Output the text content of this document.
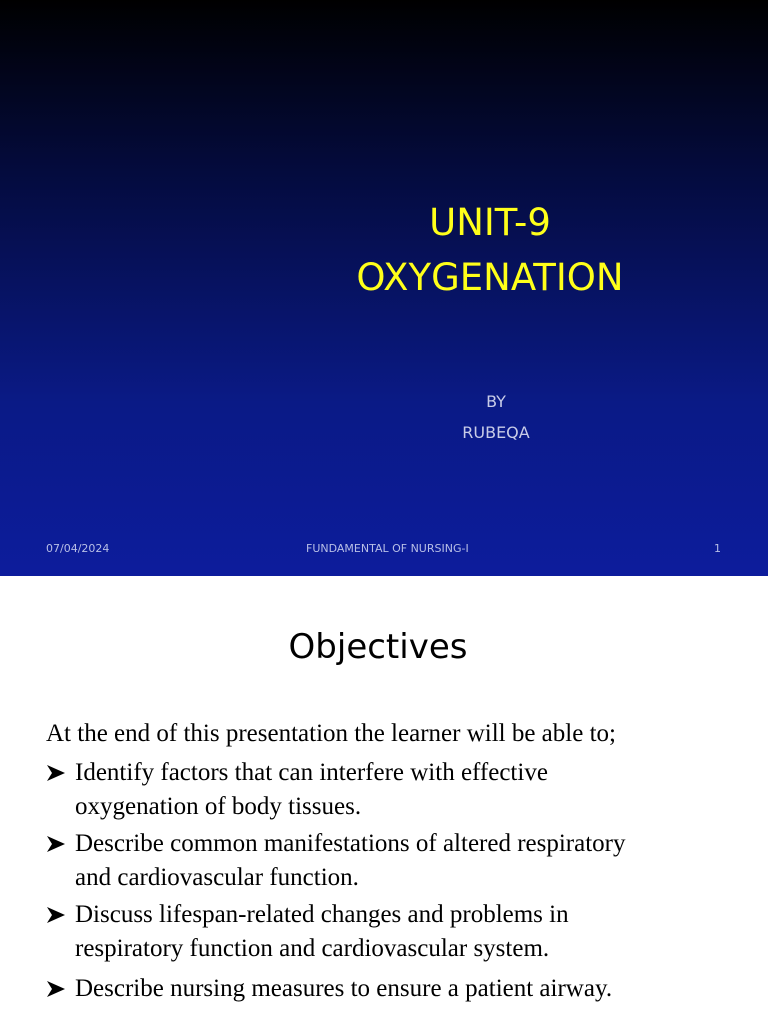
UNIT-9
OXYGENATION
BY
RUBEQA
07/04/2024	FUNDAMENTAL OF NURSING-I	1
Objectives
At the end of this presentation the learner will be able to;
Identify factors that can interfere with effective
oxygenation of body tissues.
Describe common manifestations of altered respiratory
and cardiovascular function.
Discuss lifespan-related changes and problems in
respiratory function and cardiovascular system.
Describe nursing measures to ensure a patient airway.
